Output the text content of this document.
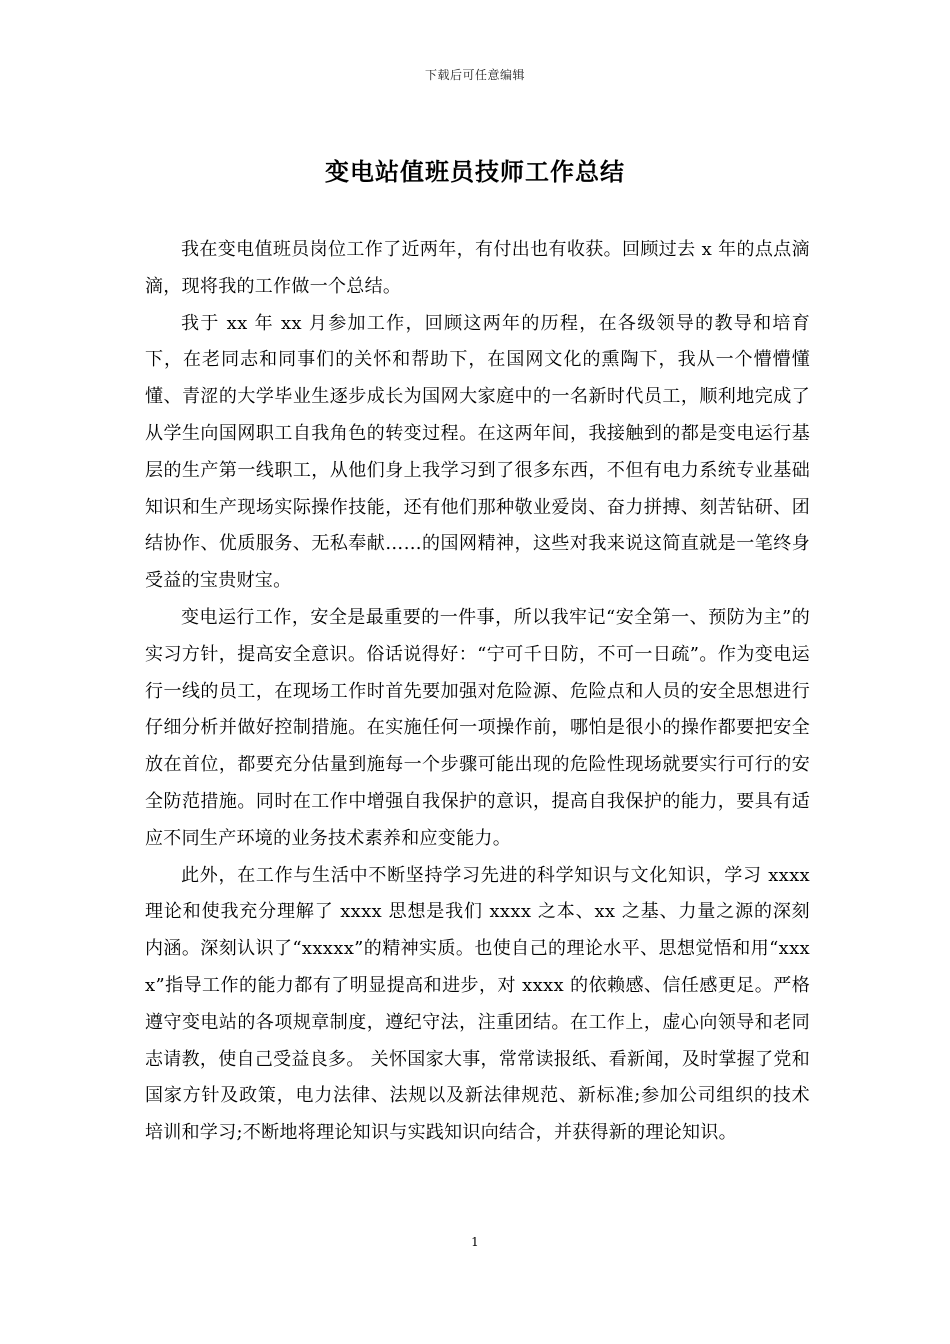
下载后可任意编辑
变电站值班员技师工作总结

我在变电值班员岗位工作了近两年，有付出也有收获。回顾过去 x 年的点点滴滴，现将我的工作做一个总结。

我于 xx 年 xx 月参加工作，回顾这两年的历程，在各级领导的教导和培育下，在老同志和同事们的关怀和帮助下，在国网文化的熏陶下，我从一个懵懵懂懂、青涩的大学毕业生逐步成长为国网大家庭中的一名新时代员工，顺利地完成了从学生向国网职工自我角色的转变过程。在这两年间，我接触到的都是变电运行基层的生产第一线职工，从他们身上我学习到了很多东西，不但有电力系统专业基础知识和生产现场实际操作技能，还有他们那种敬业爱岗、奋力拼搏、刻苦钻研、团结协作、优质服务、无私奉献……的国网精神，这些对我来说这简直就是一笔终身受益的宝贵财宝。

变电运行工作，安全是最重要的一件事，所以我牢记“安全第一、预防为主”的实习方针，提高安全意识。俗话说得好：“宁可千日防，不可一日疏”。作为变电运行一线的员工，在现场工作时首先要加强对危险源、危险点和人员的安全思想进行仔细分析并做好控制措施。在实施任何一项操作前，哪怕是很小的操作都要把安全放在首位，都要充分估量到施每一个步骤可能出现的危险性现场就要实行可行的安全防范措施。同时在工作中增强自我保护的意识，提高自我保护的能力，要具有适应不同生产环境的业务技术素养和应变能力。

此外，在工作与生活中不断坚持学习先进的科学知识与文化知识，学习 xxxx 理论和使我充分理解了 xxxx 思想是我们 xxxx 之本、xx 之基、力量之源的深刻内涵。深刻认识了“xxxxx”的精神实质。也使自己的理论水平、思想觉悟和用“xxxx”指导工作的能力都有了明显提高和进步，对 xxxx 的依赖感、信任感更足。严格遵守变电站的各项规章制度，遵纪守法，注重团结。在工作上，虚心向领导和老同志请教，使自己受益良多。 关怀国家大事，常常读报纸、看新闻，及时掌握了党和国家方针及政策，电力法律、法规以及新法律规范、新标准;参加公司组织的技术培训和学习;不断地将理论知识与实践知识向结合，并获得新的理论知识。

1
